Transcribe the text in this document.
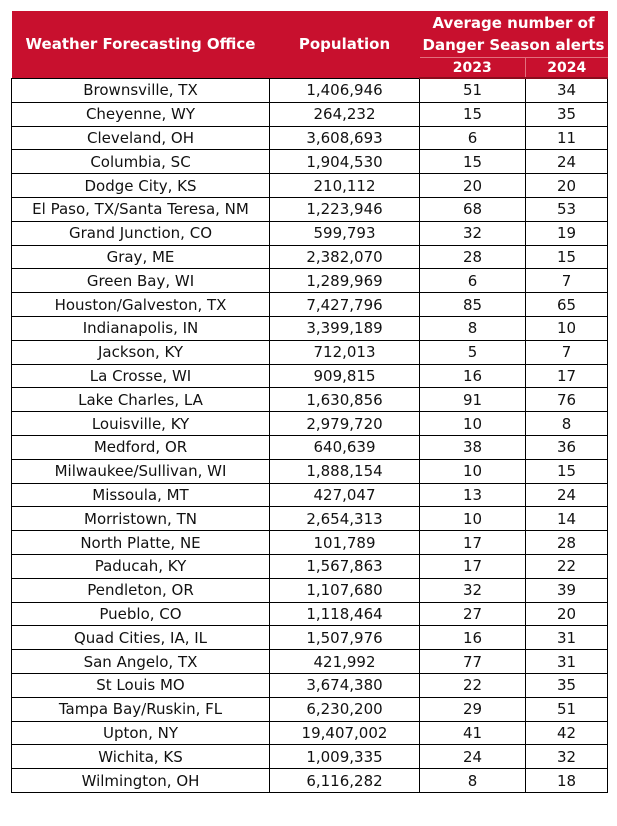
Weather Forecasting Office	Population	Average number of Danger Season alerts	
		2023	2024
Brownsville, TX	1,406,946	51	34
Cheyenne, WY	264,232	15	35
Cleveland, OH	3,608,693	6	11
Columbia, SC	1,904,530	15	24
Dodge City, KS	210,112	20	20
El Paso, TX/Santa Teresa, NM	1,223,946	68	53
Grand Junction, CO	599,793	32	19
Gray, ME	2,382,070	28	15
Green Bay, WI	1,289,969	6	7
Houston/Galveston, TX	7,427,796	85	65
Indianapolis, IN	3,399,189	8	10
Jackson, KY	712,013	5	7
La Crosse, WI	909,815	16	17
Lake Charles, LA	1,630,856	91	76
Louisville, KY	2,979,720	10	8
Medford, OR	640,639	38	36
Milwaukee/Sullivan, WI	1,888,154	10	15
Missoula, MT	427,047	13	24
Morristown, TN	2,654,313	10	14
North Platte, NE	101,789	17	28
Paducah, KY	1,567,863	17	22
Pendleton, OR	1,107,680	32	39
Pueblo, CO	1,118,464	27	20
Quad Cities, IA, IL	1,507,976	16	31
San Angelo, TX	421,992	77	31
St Louis MO	3,674,380	22	35
Tampa Bay/Ruskin, FL	6,230,200	29	51
Upton, NY	19,407,002	41	42
Wichita, KS	1,009,335	24	32
Wilmington, OH	6,116,282	8	18
